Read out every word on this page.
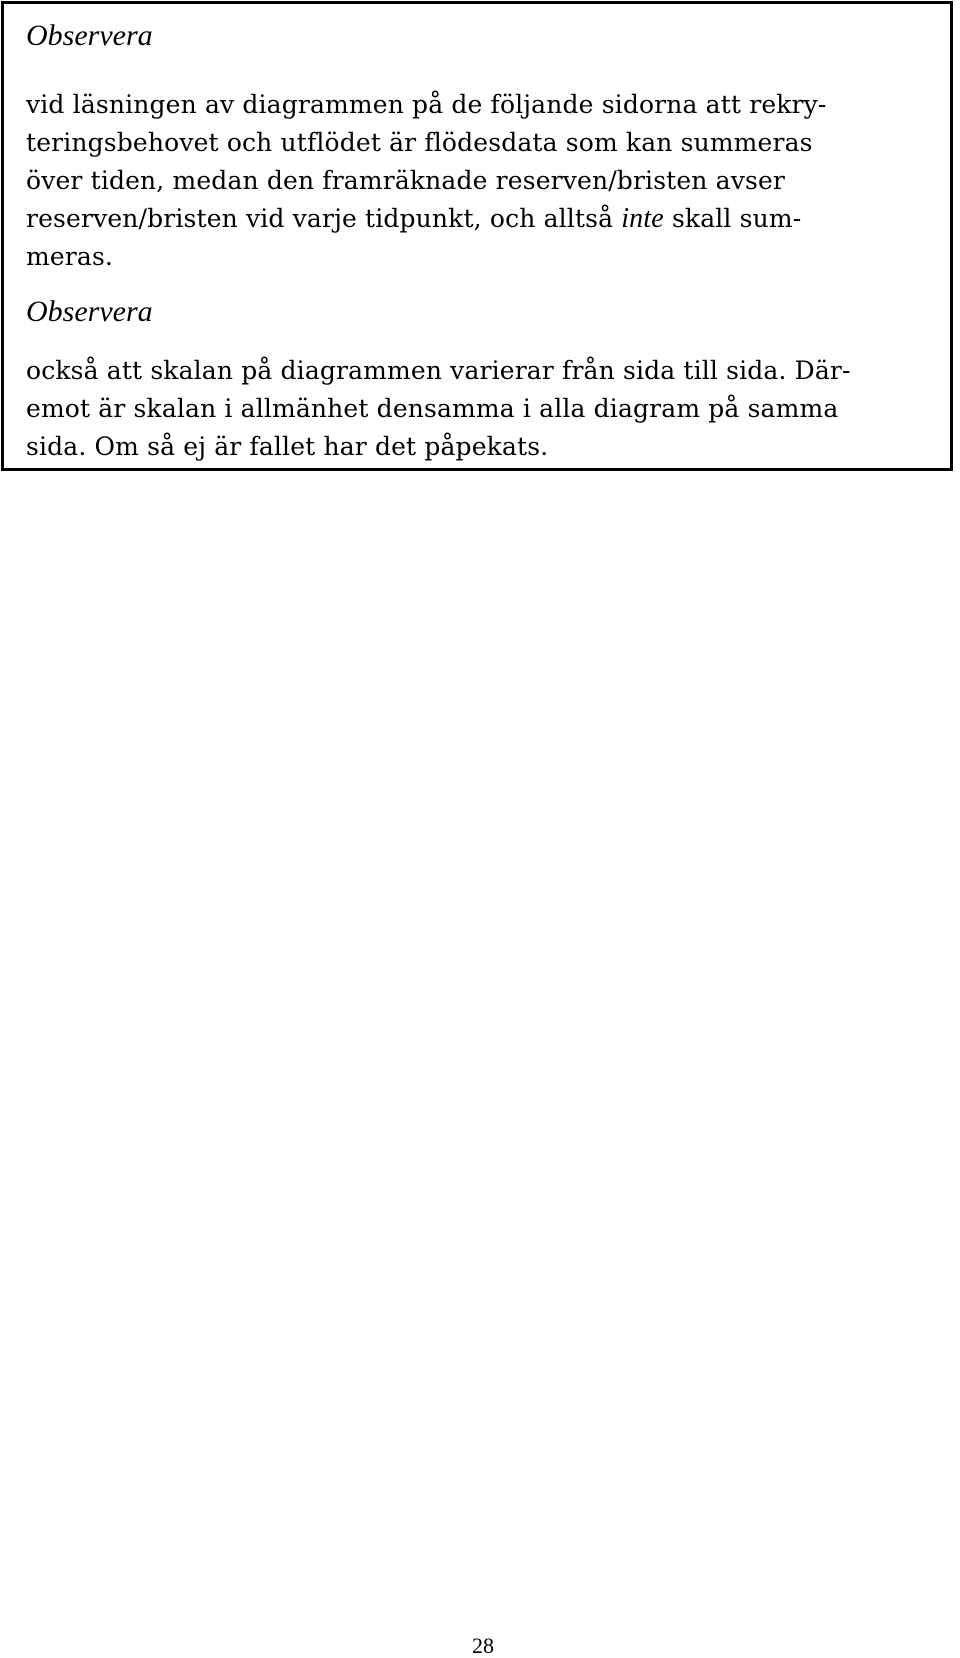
Observera
vid läsningen av diagrammen på de följande sidorna att rekry-
teringsbehovet och utflödet är flödesdata som kan summeras
över tiden, medan den framräknade reserven/bristen avser
reserven/bristen vid varje tidpunkt, och alltså inte skall sum-
meras.
Observera
också att skalan på diagrammen varierar från sida till sida. Där-
emot är skalan i allmänhet densamma i alla diagram på samma
sida. Om så ej är fallet har det påpekats.
28
